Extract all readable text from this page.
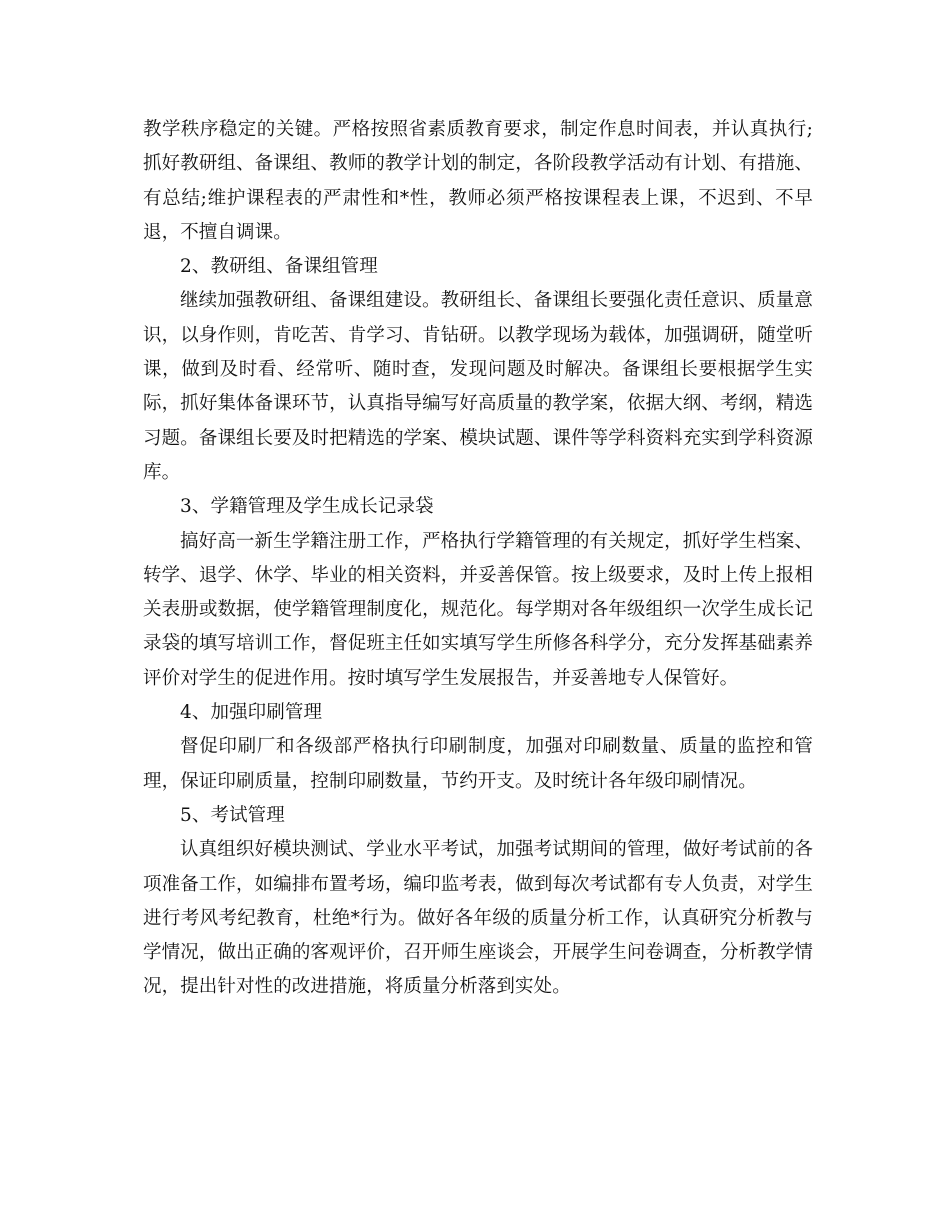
教学秩序稳定的关键。严格按照省素质教育要求，制定作息时间表，并认真执行;抓好教研组、备课组、教师的教学计划的制定，各阶段教学活动有计划、有措施、有总结;维护课程表的严肃性和*性，教师必须严格按课程表上课，不迟到、不早退，不擅自调课。

2、教研组、备课组管理

继续加强教研组、备课组建设。教研组长、备课组长要强化责任意识、质量意识，以身作则，肯吃苦、肯学习、肯钻研。以教学现场为载体，加强调研，随堂听课，做到及时看、经常听、随时查，发现问题及时解决。备课组长要根据学生实际，抓好集体备课环节，认真指导编写好高质量的教学案，依据大纲、考纲，精选习题。备课组长要及时把精选的学案、模块试题、课件等学科资料充实到学科资源库。

3、学籍管理及学生成长记录袋

搞好高一新生学籍注册工作，严格执行学籍管理的有关规定，抓好学生档案、转学、退学、休学、毕业的相关资料，并妥善保管。按上级要求，及时上传上报相关表册或数据，使学籍管理制度化，规范化。每学期对各年级组织一次学生成长记录袋的填写培训工作，督促班主任如实填写学生所修各科学分，充分发挥基础素养评价对学生的促进作用。按时填写学生发展报告，并妥善地专人保管好。

4、加强印刷管理

督促印刷厂和各级部严格执行印刷制度，加强对印刷数量、质量的监控和管理，保证印刷质量，控制印刷数量，节约开支。及时统计各年级印刷情况。

5、考试管理

认真组织好模块测试、学业水平考试，加强考试期间的管理，做好考试前的各项准备工作，如编排布置考场，编印监考表，做到每次考试都有专人负责，对学生进行考风考纪教育，杜绝*行为。做好各年级的质量分析工作，认真研究分析教与学情况，做出正确的客观评价，召开师生座谈会，开展学生问卷调查，分析教学情况，提出针对性的改进措施，将质量分析落到实处。
